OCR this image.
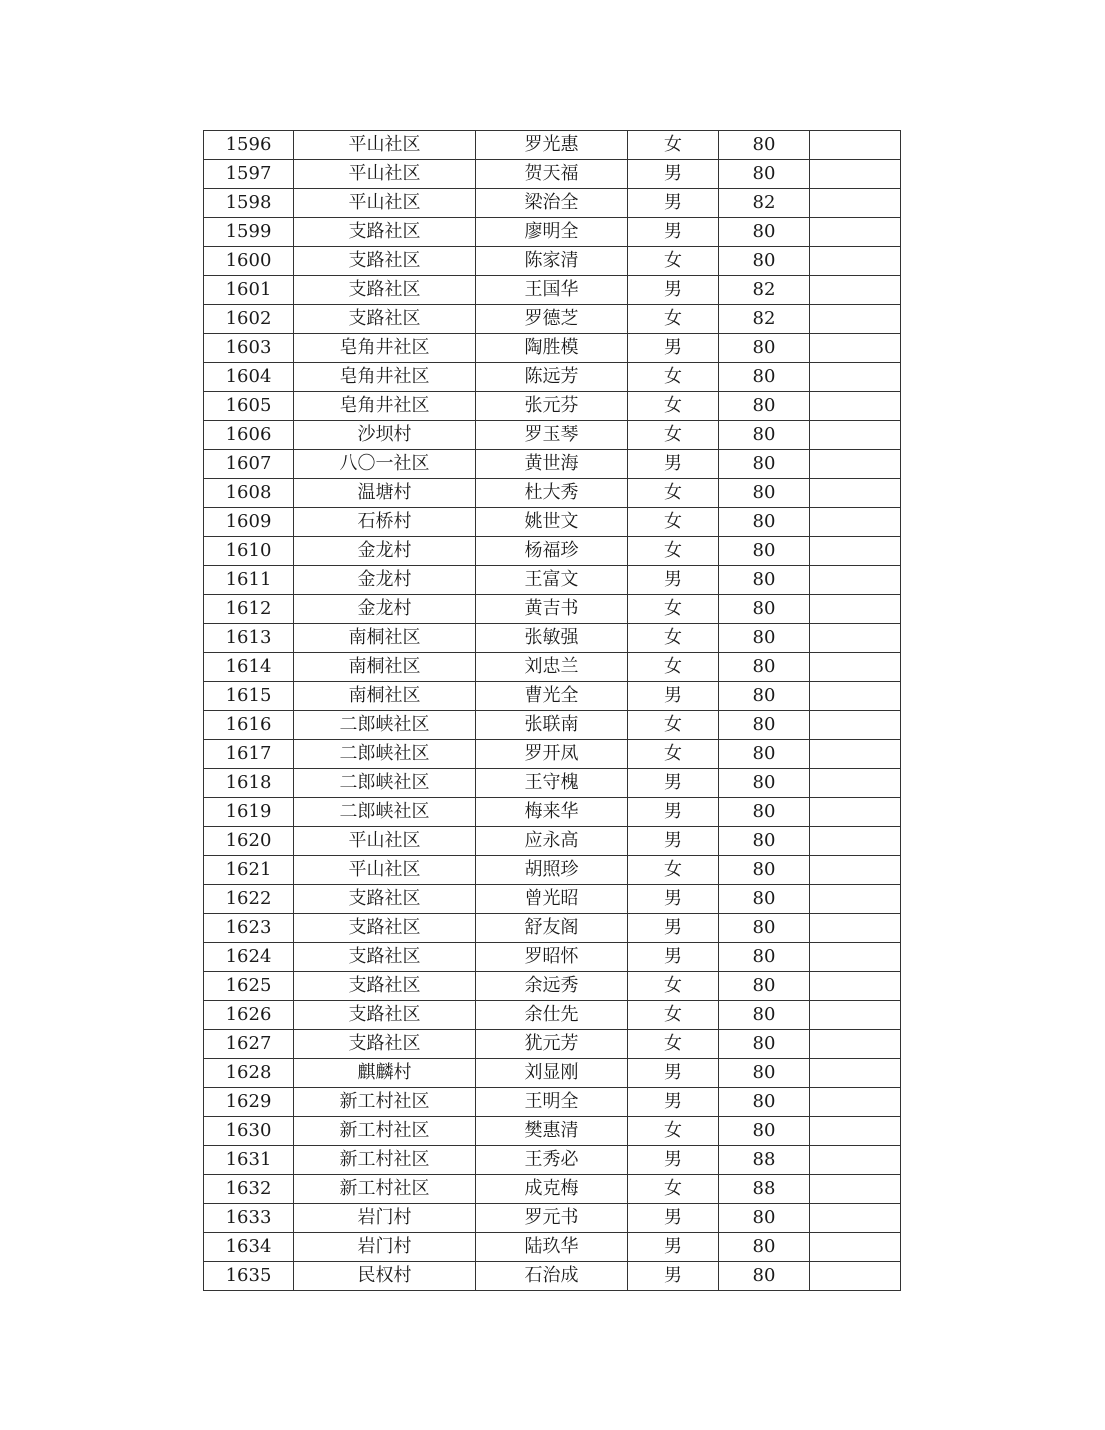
1596	平山社区	罗光惠	女	80	
1597	平山社区	贺天福	男	80	
1598	平山社区	梁治全	男	82	
1599	支路社区	廖明全	男	80	
1600	支路社区	陈家清	女	80	
1601	支路社区	王国华	男	82	
1602	支路社区	罗德芝	女	82	
1603	皂角井社区	陶胜模	男	80	
1604	皂角井社区	陈远芳	女	80	
1605	皂角井社区	张元芬	女	80	
1606	沙坝村	罗玉琴	女	80	
1607	八〇一社区	黄世海	男	80	
1608	温塘村	杜大秀	女	80	
1609	石桥村	姚世文	女	80	
1610	金龙村	杨福珍	女	80	
1611	金龙村	王富文	男	80	
1612	金龙村	黄吉书	女	80	
1613	南桐社区	张敏强	女	80	
1614	南桐社区	刘忠兰	女	80	
1615	南桐社区	曹光全	男	80	
1616	二郎峡社区	张联南	女	80	
1617	二郎峡社区	罗开凤	女	80	
1618	二郎峡社区	王守槐	男	80	
1619	二郎峡社区	梅来华	男	80	
1620	平山社区	应永高	男	80	
1621	平山社区	胡照珍	女	80	
1622	支路社区	曾光昭	男	80	
1623	支路社区	舒友阁	男	80	
1624	支路社区	罗昭怀	男	80	
1625	支路社区	余远秀	女	80	
1626	支路社区	余仕先	女	80	
1627	支路社区	犹元芳	女	80	
1628	麒麟村	刘显刚	男	80	
1629	新工村社区	王明全	男	80	
1630	新工村社区	樊惠清	女	80	
1631	新工村社区	王秀必	男	88	
1632	新工村社区	成克梅	女	88	
1633	岩门村	罗元书	男	80	
1634	岩门村	陆玖华	男	80	
1635	民权村	石治成	男	80	
